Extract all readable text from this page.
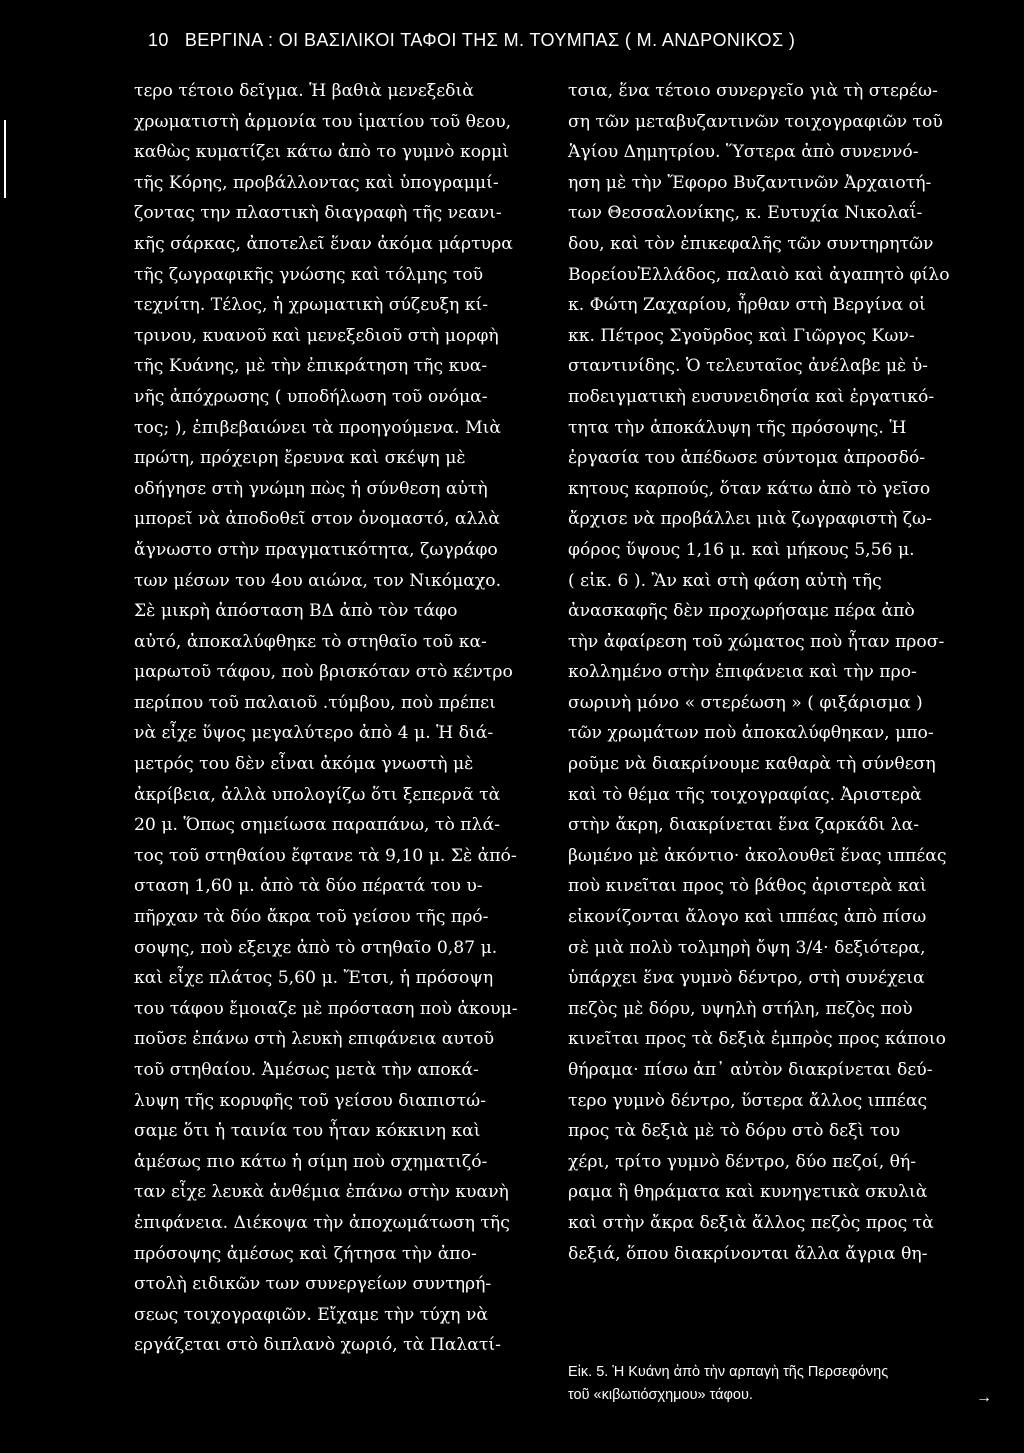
10 ΒΕΡΓΙΝΑ : ΟΙ ΒΑΣΙΛΙΚΟΙ ΤΑΦΟΙ ΤΗΣ Μ. ΤΟΥΜΠΑΣ ( Μ. ΑΝΔΡΟΝΙΚΟΣ )
τερο τέτοιο δεῖγμα. Ἡ βαθιὰ μενεξεδιὰ
χρωματιστὴ ἁρμονία του ἱματίου τοῦ θεου,
καθὼς κυματίζει κάτω ἀπὸ το γυμνὸ κορμὶ
τῆς Κόρης, προβάλλοντας καὶ ὑπογραμμί-
ζοντας την πλαστικὴ διαγραφὴ τῆς νεανι-
κῆς σάρκας, ἀποτελεῖ ἕναν ἀκόμα μάρτυρα
τῆς ζωγραφικῆς γνώσης καὶ τόλμης τοῦ
τεχνίτη. Τέλος, ἡ χρωματικὴ σύζευξη κί-
τρινου, κυανοῦ καὶ μενεξεδιοῦ στὴ μορφὴ
τῆς Κυάνης, μὲ τὴν ἐπικράτηση τῆς κυα-
νῆς ἀπόχρωσης ( υποδήλωση τοῦ ονόμα-
τος; ), ἐπιβεβαιώνει τὰ προηγούμενα. Μιὰ
πρώτη, πρόχειρη ἔρευνα καὶ σκέψη μὲ
οδήγησε στὴ γνώμη πὼς ἡ σύνθεση αὐτὴ
μπορεῖ νὰ ἀποδοθεῖ στον ὀνομαστό, αλλὰ
ἄγνωστο στὴν πραγματικότητα, ζωγράφο
των μέσων του 4ου αιώνα, τον Νικόμαχο.
Σὲ μικρὴ ἀπόσταση ΒΔ ἀπὸ τὸν τάφο
αὐτό, ἀποκαλύφθηκε τὸ στηθαῖο τοῦ κα-
μαρωτοῦ τάφου, ποὺ βρισκόταν στὸ κέντρο
περίπου τοῦ παλαιοῦ .τύμβου, ποὺ πρέπει
νὰ εἶχε ὕψος μεγαλύτερο ἀπὸ 4 μ. Ἡ διά-
μετρός του δὲν εἶναι ἀκόμα γνωστὴ μὲ
ἀκρίβεια, ἀλλὰ υπολογίζω ὅτι ξεπερνᾶ τὰ
20 μ. Ὅπως σημείωσα παραπάνω, τὸ πλά-
τος τοῦ στηθαίου ἔφτανε τὰ 9,10 μ. Σὲ ἀπό-
σταση 1,60 μ. ἀπὸ τὰ δύο πέρατά του υ-
πῆρχαν τὰ δύο ἄκρα τοῦ γείσου τῆς πρό-
σοψης, ποὺ εξειχε ἀπὸ τὸ στηθαῖο 0,87 μ.
καὶ εἶχε πλάτος 5,60 μ. Ἔτσι, ἡ πρόσοψη
του τάφου ἔμοιαζε μὲ πρόσταση ποὺ ἀκουμ-
ποῦσε ἐπάνω στὴ λευκὴ επιφάνεια αυτοῦ
τοῦ στηθαίου. Ἀμέσως μετὰ τὴν αποκά-
λυψη τῆς κορυφῆς τοῦ γείσου διαπιστώ-
σαμε ὅτι ἡ ταινία του ἦταν κόκκινη καὶ
ἀμέσως πιο κάτω ἡ σίμη ποὺ σχηματιζό-
ταν εἶχε λευκὰ ἀνθέμια ἐπάνω στὴν κυανὴ
ἐπιφάνεια. Διέκοψα τὴν ἀποχωμάτωση τῆς
πρόσοψης ἀμέσως καὶ ζήτησα τὴν ἀπο-
στολὴ ειδικῶν των συνεργείων συντηρή-
σεως τοιχογραφιῶν. Εἴχαμε τὴν τύχη νὰ
εργάζεται στὸ διπλανὸ χωριό, τὰ Παλατί-
τσια, ἕνα τέτοιο συνεργεῖο γιὰ τὴ στερέω-
ση τῶν μεταβυζαντινῶν τοιχογραφιῶν τοῦ
Ἁγίου Δημητρίου. Ὕστερα ἀπὸ συνεννό-
ηση μὲ τὴν Ἔφορο Βυζαντινῶν Ἀρχαιοτή-
των Θεσσαλονίκης, κ. Ευτυχία Νικολαΐ-
δου, καὶ τὸν ἐπικεφαλῆς τῶν συντηρητῶν
ΒορείουἙλλάδος, παλαιὸ καὶ ἀγαπητὸ φίλο
κ. Φώτη Ζαχαρίου, ἦρθαν στὴ Βεργίνα οἱ
κκ. Πέτρος Σγοῦρδος καὶ Γιῶργος Κων-
σταντινίδης. Ὁ τελευταῖος ἀνέλαβε μὲ ὑ-
ποδειγματικὴ ευσυνειδησία καὶ ἐργατικό-
τητα τὴν ἀποκάλυψη τῆς πρόσοψης. Ἡ
ἐργασία του ἀπέδωσε σύντομα ἀπροσδό-
κητους καρπούς, ὅταν κάτω ἀπὸ τὸ γεῖσο
ἄρχισε νὰ προβάλλει μιὰ ζωγραφιστὴ ζω-
φόρος ὕψους 1,16 μ. καὶ μήκους 5,56 μ.
( εἰκ. 6 ). Ἂν καὶ στὴ φάση αὐτὴ τῆς
ἀνασκαφῆς δὲν προχωρήσαμε πέρα ἀπὸ
τὴν ἀφαίρεση τοῦ χώματος ποὺ ἦταν προσ-
κολλημένο στὴν ἐπιφάνεια καὶ τὴν προ-
σωρινὴ μόνο « στερέωση » ( φιξάρισμα )
τῶν χρωμάτων ποὺ ἀποκαλύφθηκαν, μπο-
ροῦμε νὰ διακρίνουμε καθαρὰ τὴ σύνθεση
καὶ τὸ θέμα τῆς τοιχογραφίας. Ἀριστερὰ
στὴν ἄκρη, διακρίνεται ἕνα ζαρκάδι λα-
βωμένο μὲ ἀκόντιο· ἀκολουθεῖ ἕνας ιππέας
ποὺ κινεῖται προς τὸ βάθος ἀριστερὰ καὶ
εἰκονίζονται ἄλογο καὶ ιππέας ἀπὸ πίσω
σὲ μιὰ πολὺ τολμηρὴ ὄψη 3/4· δεξιότερα,
ὑπάρχει ἕνα γυμνὸ δέντρο, στὴ συνέχεια
πεζὸς μὲ δόρυ, υψηλὴ στήλη, πεζὸς ποὺ
κινεῖται προς τὰ δεξιὰ ἐμπρὸς προς κάποιο
θήραμα· πίσω ἀπ᾽ αὐτὸν διακρίνεται δεύ-
τερο γυμνὸ δέντρο, ὕστερα ἄλλος ιππέας
προς τὰ δεξιὰ μὲ τὸ δόρυ στὸ δεξὶ του
χέρι, τρίτο γυμνὸ δέντρο, δύο πεζοί, θή-
ραμα ἢ θηράματα καὶ κυνηγετικὰ σκυλιὰ
καὶ στὴν ἄκρα δεξιὰ ἄλλος πεζὸς προς τὰ
δεξιά, ὅπου διακρίνονται ἄλλα ἄγρια θη-
Εἰκ. 5. Ἡ Κυάνη ἀπὸ τὴν αρπαγὴ τῆς Περσεφόνης
τοῦ «κιβωτιόσχημου» τάφου.	→
